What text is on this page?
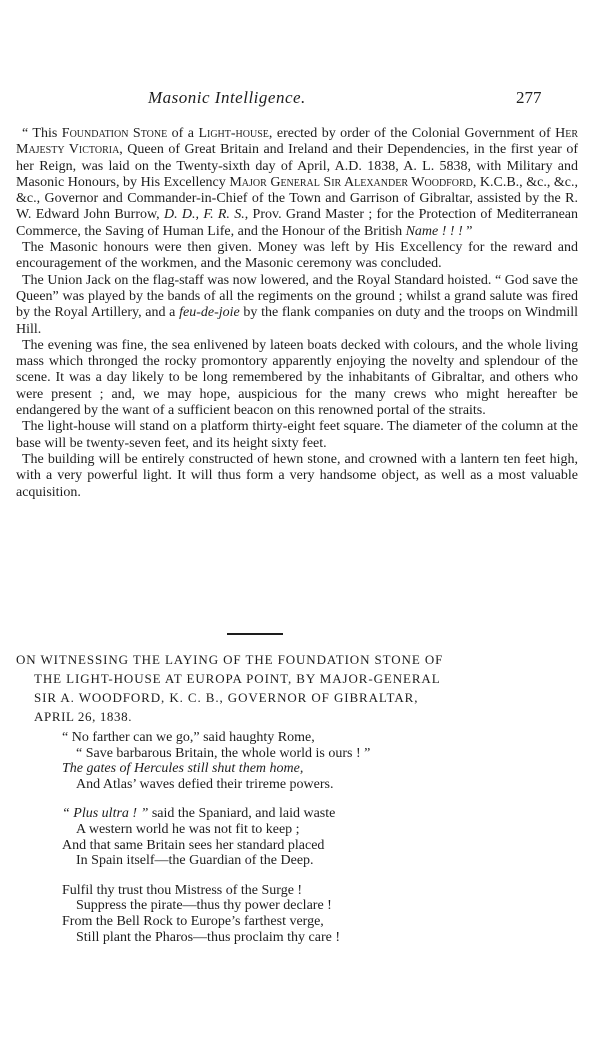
Masonic Intelligence.	277

“ This Foundation Stone of a Light-house, erected by order of the Colonial Government of Her Majesty Victoria, Queen of Great Britain and Ireland and their Dependencies, in the first year of her Reign, was laid on the Twenty-sixth day of April, A.D. 1838, A. L. 5838, with Military and Masonic Honours, by His Excellency Major General Sir Alexander Woodford, K.C.B., &c., &c., &c., Governor and Commander-in-Chief of the Town and Garrison of Gibraltar, assisted by the R. W. Edward John Burrow, D. D., F. R. S., Prov. Grand Master ; for the Protection of Mediterranean Commerce, the Saving of Human Life, and the Honour of the British Name ! ! ! ”

The Masonic honours were then given. Money was left by His Excellency for the reward and encouragement of the workmen, and the Masonic ceremony was concluded.

The Union Jack on the flag-staff was now lowered, and the Royal Standard hoisted. “ God save the Queen” was played by the bands of all the regiments on the ground ; whilst a grand salute was fired by the Royal Artillery, and a feu-de-joie by the flank companies on duty and the troops on Windmill Hill.

The evening was fine, the sea enlivened by lateen boats decked with colours, and the whole living mass which thronged the rocky promontory apparently enjoying the novelty and splendour of the scene. It was a day likely to be long remembered by the inhabitants of Gibraltar, and others who were present ; and, we may hope, auspicious for the many crews who might hereafter be endangered by the want of a sufficient beacon on this renowned portal of the straits.

The light-house will stand on a platform thirty-eight feet square. The diameter of the column at the base will be twenty-seven feet, and its height sixty feet.

The building will be entirely constructed of hewn stone, and crowned with a lantern ten feet high, with a very powerful light. It will thus form a very handsome object, as well as a most valuable acquisition.

ON WITNESSING THE LAYING OF THE FOUNDATION STONE OF
THE LIGHT-HOUSE AT EUROPA POINT, BY MAJOR-GENERAL
SIR A. WOODFORD, K. C. B., GOVERNOR OF GIBRALTAR,
APRIL 26, 1838.
“ No farther can we go,” said haughty Rome,
“ Save barbarous Britain, the whole world is ours ! ”
The gates of Hercules still shut them home,
And Atlas’ waves defied their trireme powers.
“ Plus ultra ! ” said the Spaniard, and laid waste
A western world he was not fit to keep ;
And that same Britain sees her standard placed
In Spain itself—the Guardian of the Deep.
Fulfil thy trust thou Mistress of the Surge !
Suppress the pirate—thus thy power declare !
From the Bell Rock to Europe’s farthest verge,
Still plant the Pharos—thus proclaim thy care !
